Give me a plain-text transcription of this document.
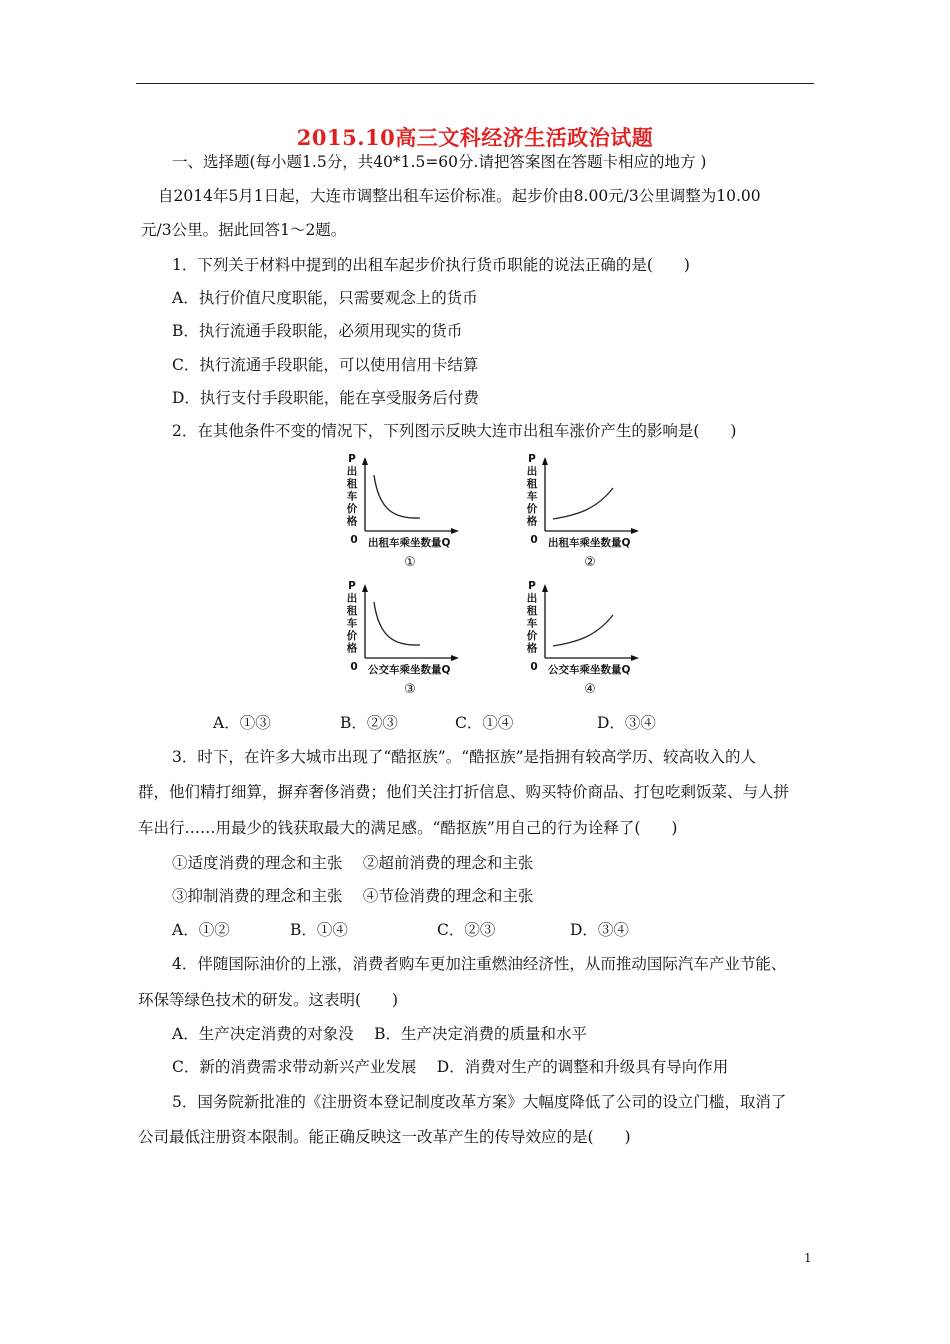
2015.10高三文科经济生活政治试题
一、选择题(每小题1.5分，共40*1.5=60分.请把答案图在答题卡相应的地方 )
自2014年5月1日起，大连市调整出租车运价标准。起步价由8.00元/3公里调整为10.00
元/3公里。据此回答1～2题。
1．下列关于材料中提到的出租车起步价执行货币职能的说法正确的是(　　)
A．执行价值尺度职能，只需要观念上的货币
B．执行流通手段职能，必须用现实的货币
C．执行流通手段职能，可以使用信用卡结算
D．执行支付手段职能，能在享受服务后付费
2．在其他条件不变的情况下，下列图示反映大连市出租车涨价产生的影响是(　　)
P
出
租
车
价
格
0 出租车乘坐数量Q
①
P
出
租
车
价
格
0 出租车乘坐数量Q
②
P
出
租
车
价
格
0 公交车乘坐数量Q
③
P
出
租
车
价
格
0 公交车乘坐数量Q
④
A．①③	B．②③	C．①④	D．③④
3．时下，在许多大城市出现了“酷抠族”。“酷抠族”是指拥有较高学历、较高收入的人
群，他们精打细算，摒弃奢侈消费；他们关注打折信息、购买特价商品、打包吃剩饭菜、与人拼
车出行……用最少的钱获取最大的满足感。“酷抠族”用自己的行为诠释了(　　)
①适度消费的理念和主张　 ②超前消费的理念和主张
③抑制消费的理念和主张　 ④节俭消费的理念和主张
A．①②	B．①④	C．②③	D．③④
4．伴随国际油价的上涨，消费者购车更加注重燃油经济性，从而推动国际汽车产业节能、
环保等绿色技术的研发。这表明(　　)
A．生产决定消费的对象没　 B．生产决定消费的质量和水平
C．新的消费需求带动新兴产业发展　 D．消费对生产的调整和升级具有导向作用
5．国务院新批准的《注册资本登记制度改革方案》大幅度降低了公司的设立门槛，取消了
公司最低注册资本限制。能正确反映这一改革产生的传导效应的是(　　)
1
